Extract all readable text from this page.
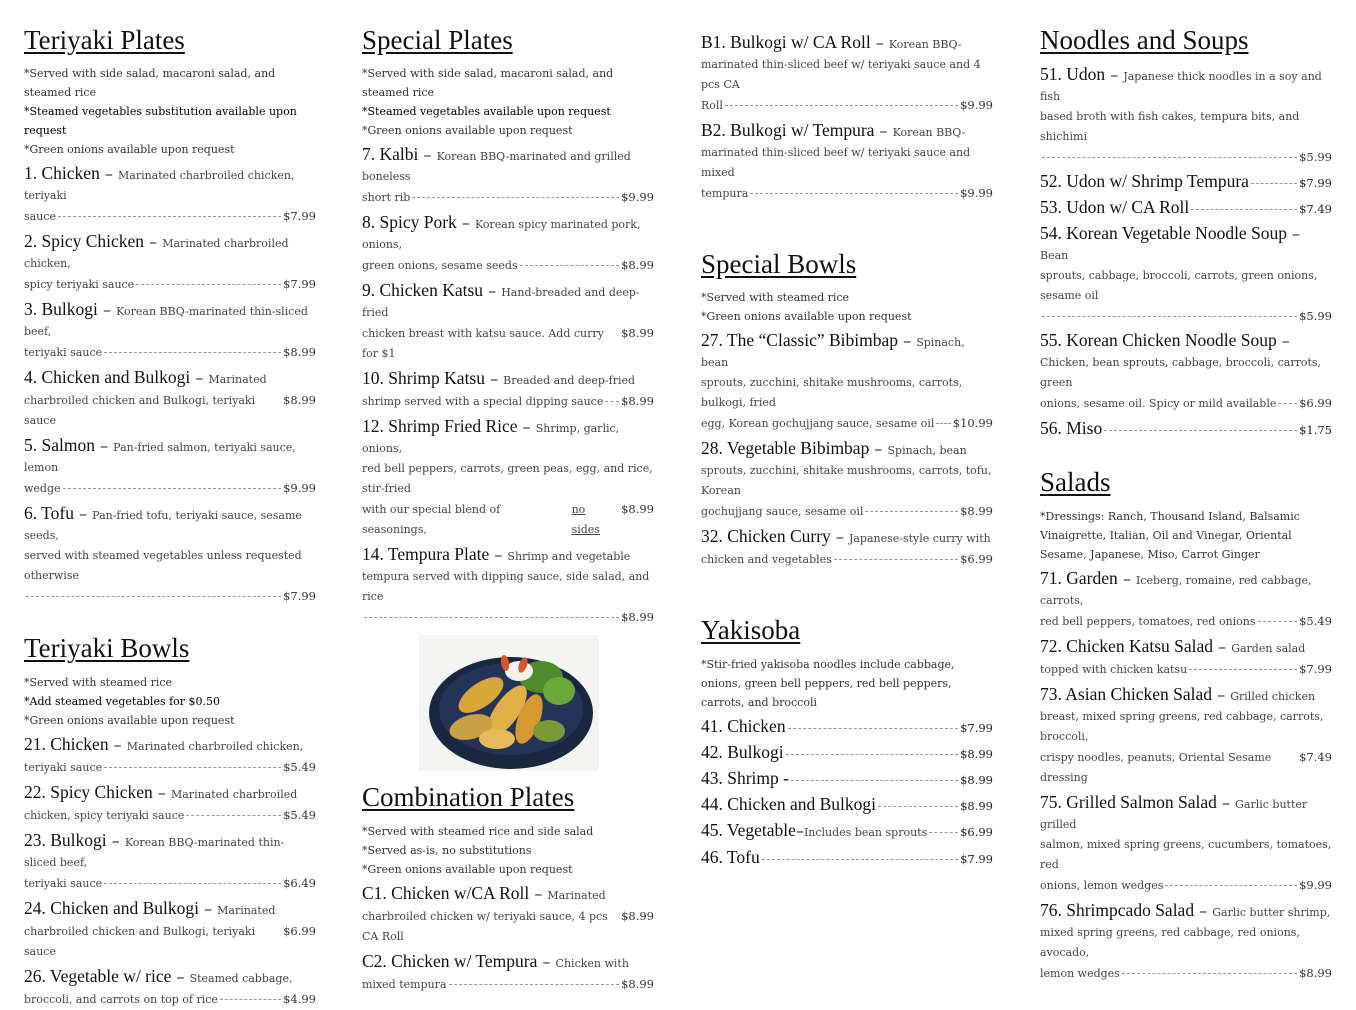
Teriyaki Plates
*Served with side salad, macaroni salad, and steamed rice
*Steamed vegetables substitution available upon request
*Green onions available upon request
1. Chicken – Marinated charbroiled chicken, teriyaki
sauce	$7.99
2. Spicy Chicken – Marinated charbroiled chicken,
spicy teriyaki sauce	$7.99
3. Bulkogi – Korean BBQ-marinated thin-sliced beef,
teriyaki sauce	$8.99
4. Chicken and Bulkogi – Marinated
charbroiled chicken and Bulkogi, teriyaki sauce
$8.99
5. Salmon – Pan-fried salmon, teriyaki sauce, lemon
wedge	$9.99
6. Tofu – Pan-fried tofu, teriyaki sauce, sesame seeds,
served with steamed vegetables unless requested otherwise
$7.99
Teriyaki Bowls
*Served with steamed rice
*Add steamed vegetables for $0.50
*Green onions available upon request
21. Chicken – Marinated charbroiled chicken,
teriyaki sauce	$5.49
22. Spicy Chicken – Marinated charbroiled
chicken, spicy teriyaki sauce	$5.49
23. Bulkogi – Korean BBQ-marinated thin-sliced beef,
teriyaki sauce	$6.49
24. Chicken and Bulkogi – Marinated
charbroiled chicken and Bulkogi, teriyaki sauce
$6.99
26. Vegetable w/ rice – Steamed cabbage,
broccoli, and carrots on top of rice	$4.99
Special Plates
*Served with side salad, macaroni salad, and steamed rice
*Steamed vegetables available upon request
*Green onions available upon request
7. Kalbi – Korean BBQ-marinated and grilled boneless
short rib	$9.99
8. Spicy Pork – Korean spicy marinated pork, onions,
green onions, sesame seeds	$8.99
9. Chicken Katsu – Hand-breaded and deep-fried
chicken breast with katsu sauce. Add curry for $1
$8.99
10. Shrimp Katsu – Breaded and deep-fried
shrimp served with a special dipping sauce $8.99
12. Shrimp Fried Rice – Shrimp, garlic, onions,
red bell peppers, carrots, green peas, egg, and rice, stir-fried
with our special blend of seasonings,

no sides
$8.99
14. Tempura Plate – Shrimp and vegetable
tempura served with dipping sauce, side salad, and rice
$8.99
Combination Plates
*Served with steamed rice and side salad
*Served as-is, no substitutions
*Green onions available upon request
C1. Chicken w/CA Roll – Marinated
charbroiled chicken w/ teriyaki sauce, 4 pcs CA Roll
$8.99
C2. Chicken w/ Tempura – Chicken with
mixed tempura	$8.99
B1. Bulkogi w/ CA Roll – Korean BBQ-
marinated thin-sliced beef w/ teriyaki sauce and 4 pcs CA
Roll	$9.99
B2. Bulkogi w/ Tempura – Korean BBQ-
marinated thin-sliced beef w/ teriyaki sauce and mixed
tempura	$9.99
Special Bowls
*Served with steamed rice
*Green onions available upon request
27. The “Classic” Bibimbap – Spinach, bean
sprouts, zucchini, shitake mushrooms, carrots, bulkogi, fried
egg, Korean gochujjang sauce, sesame oil $10.99
28. Vegetable Bibimbap – Spinach, bean
sprouts, zucchini, shitake mushrooms, carrots, tofu, Korean
gochujjang sauce, sesame oil	$8.99
32. Chicken Curry – Japanese-style curry with
chicken and vegetables	$6.99
Yakisoba
*Stir-fried yakisoba noodles include cabbage, onions, green bell peppers, red bell peppers, carrots, and broccoli
41. Chicken	$7.99
42. Bulkogi	$8.99
43. Shrimp -	$8.99
44. Chicken and Bulkogi	$8.99
45. Vegetable – Includes bean sprouts	$6.99
46. Tofu	$7.99
Noodles and Soups
51. Udon – Japanese thick noodles in a soy and fish
based broth with fish cakes, tempura bits, and shichimi
$5.99
52. Udon w/ Shrimp Tempura	$7.99
53. Udon w/ CA Roll	$7.49
54. Korean Vegetable Noodle Soup – Bean
sprouts, cabbage, broccoli, carrots, green onions, sesame oil
$5.99
55. Korean Chicken Noodle Soup –
Chicken, bean sprouts, cabbage, broccoli, carrots, green
onions, sesame oil. Spicy or mild available $6.99
56. Miso	$1.75
Salads
*Dressings: Ranch, Thousand Island, Balsamic Vinaigrette, Italian, Oil and Vinegar, Oriental Sesame, Japanese, Miso, Carrot Ginger
71. Garden – Iceberg, romaine, red cabbage, carrots,
red bell peppers, tomatoes, red onions	$5.49
72. Chicken Katsu Salad – Garden salad
topped with chicken katsu	$7.99
73. Asian Chicken Salad – Grilled chicken
breast, mixed spring greens, red cabbage, carrots, broccoli,
crispy noodles, peanuts, Oriental Sesame dressing
$7.49
75. Grilled Salmon Salad – Garlic butter grilled
salmon, mixed spring greens, cucumbers, tomatoes, red
onions, lemon wedges	$9.99
76. Shrimpcado Salad – Garlic butter shrimp,
mixed spring greens, red cabbage, red onions, avocado,
lemon wedges	$8.99
